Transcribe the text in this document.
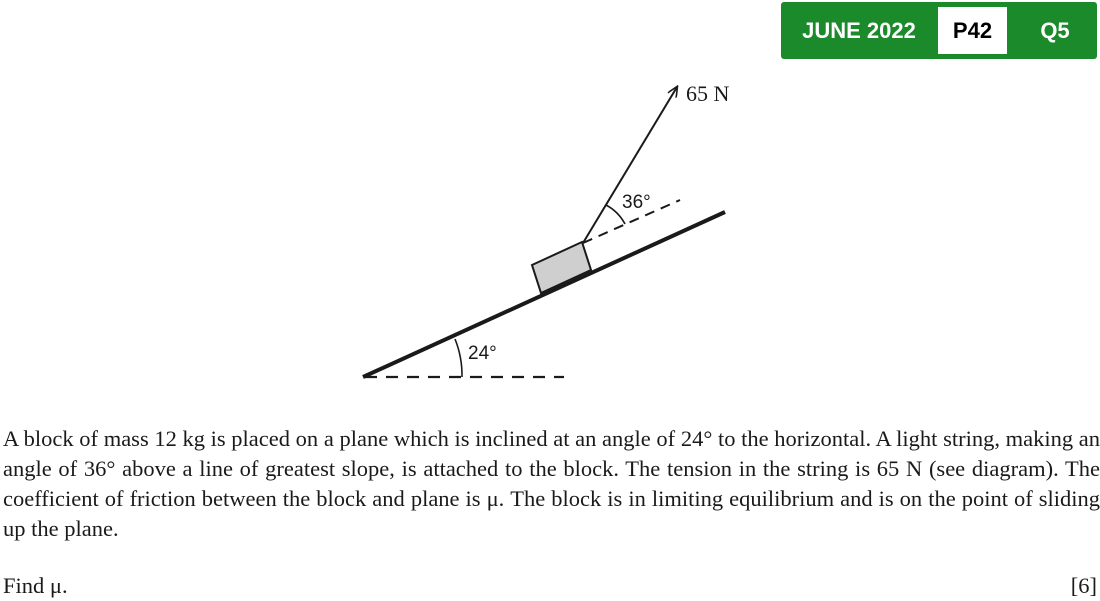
JUNE 2022	P42	Q5
24°
36°
65 N

A block of mass 12 kg is placed on a plane which is inclined at an angle of 24° to the horizontal. A light string, making an angle of 36° above a line of greatest slope, is attached to the block. The tension in the string is 65 N (see diagram). The coefficient of friction between the block and plane is μ. The block is in limiting equilibrium and is on the point of sliding up the plane.

Find μ.	[6]
